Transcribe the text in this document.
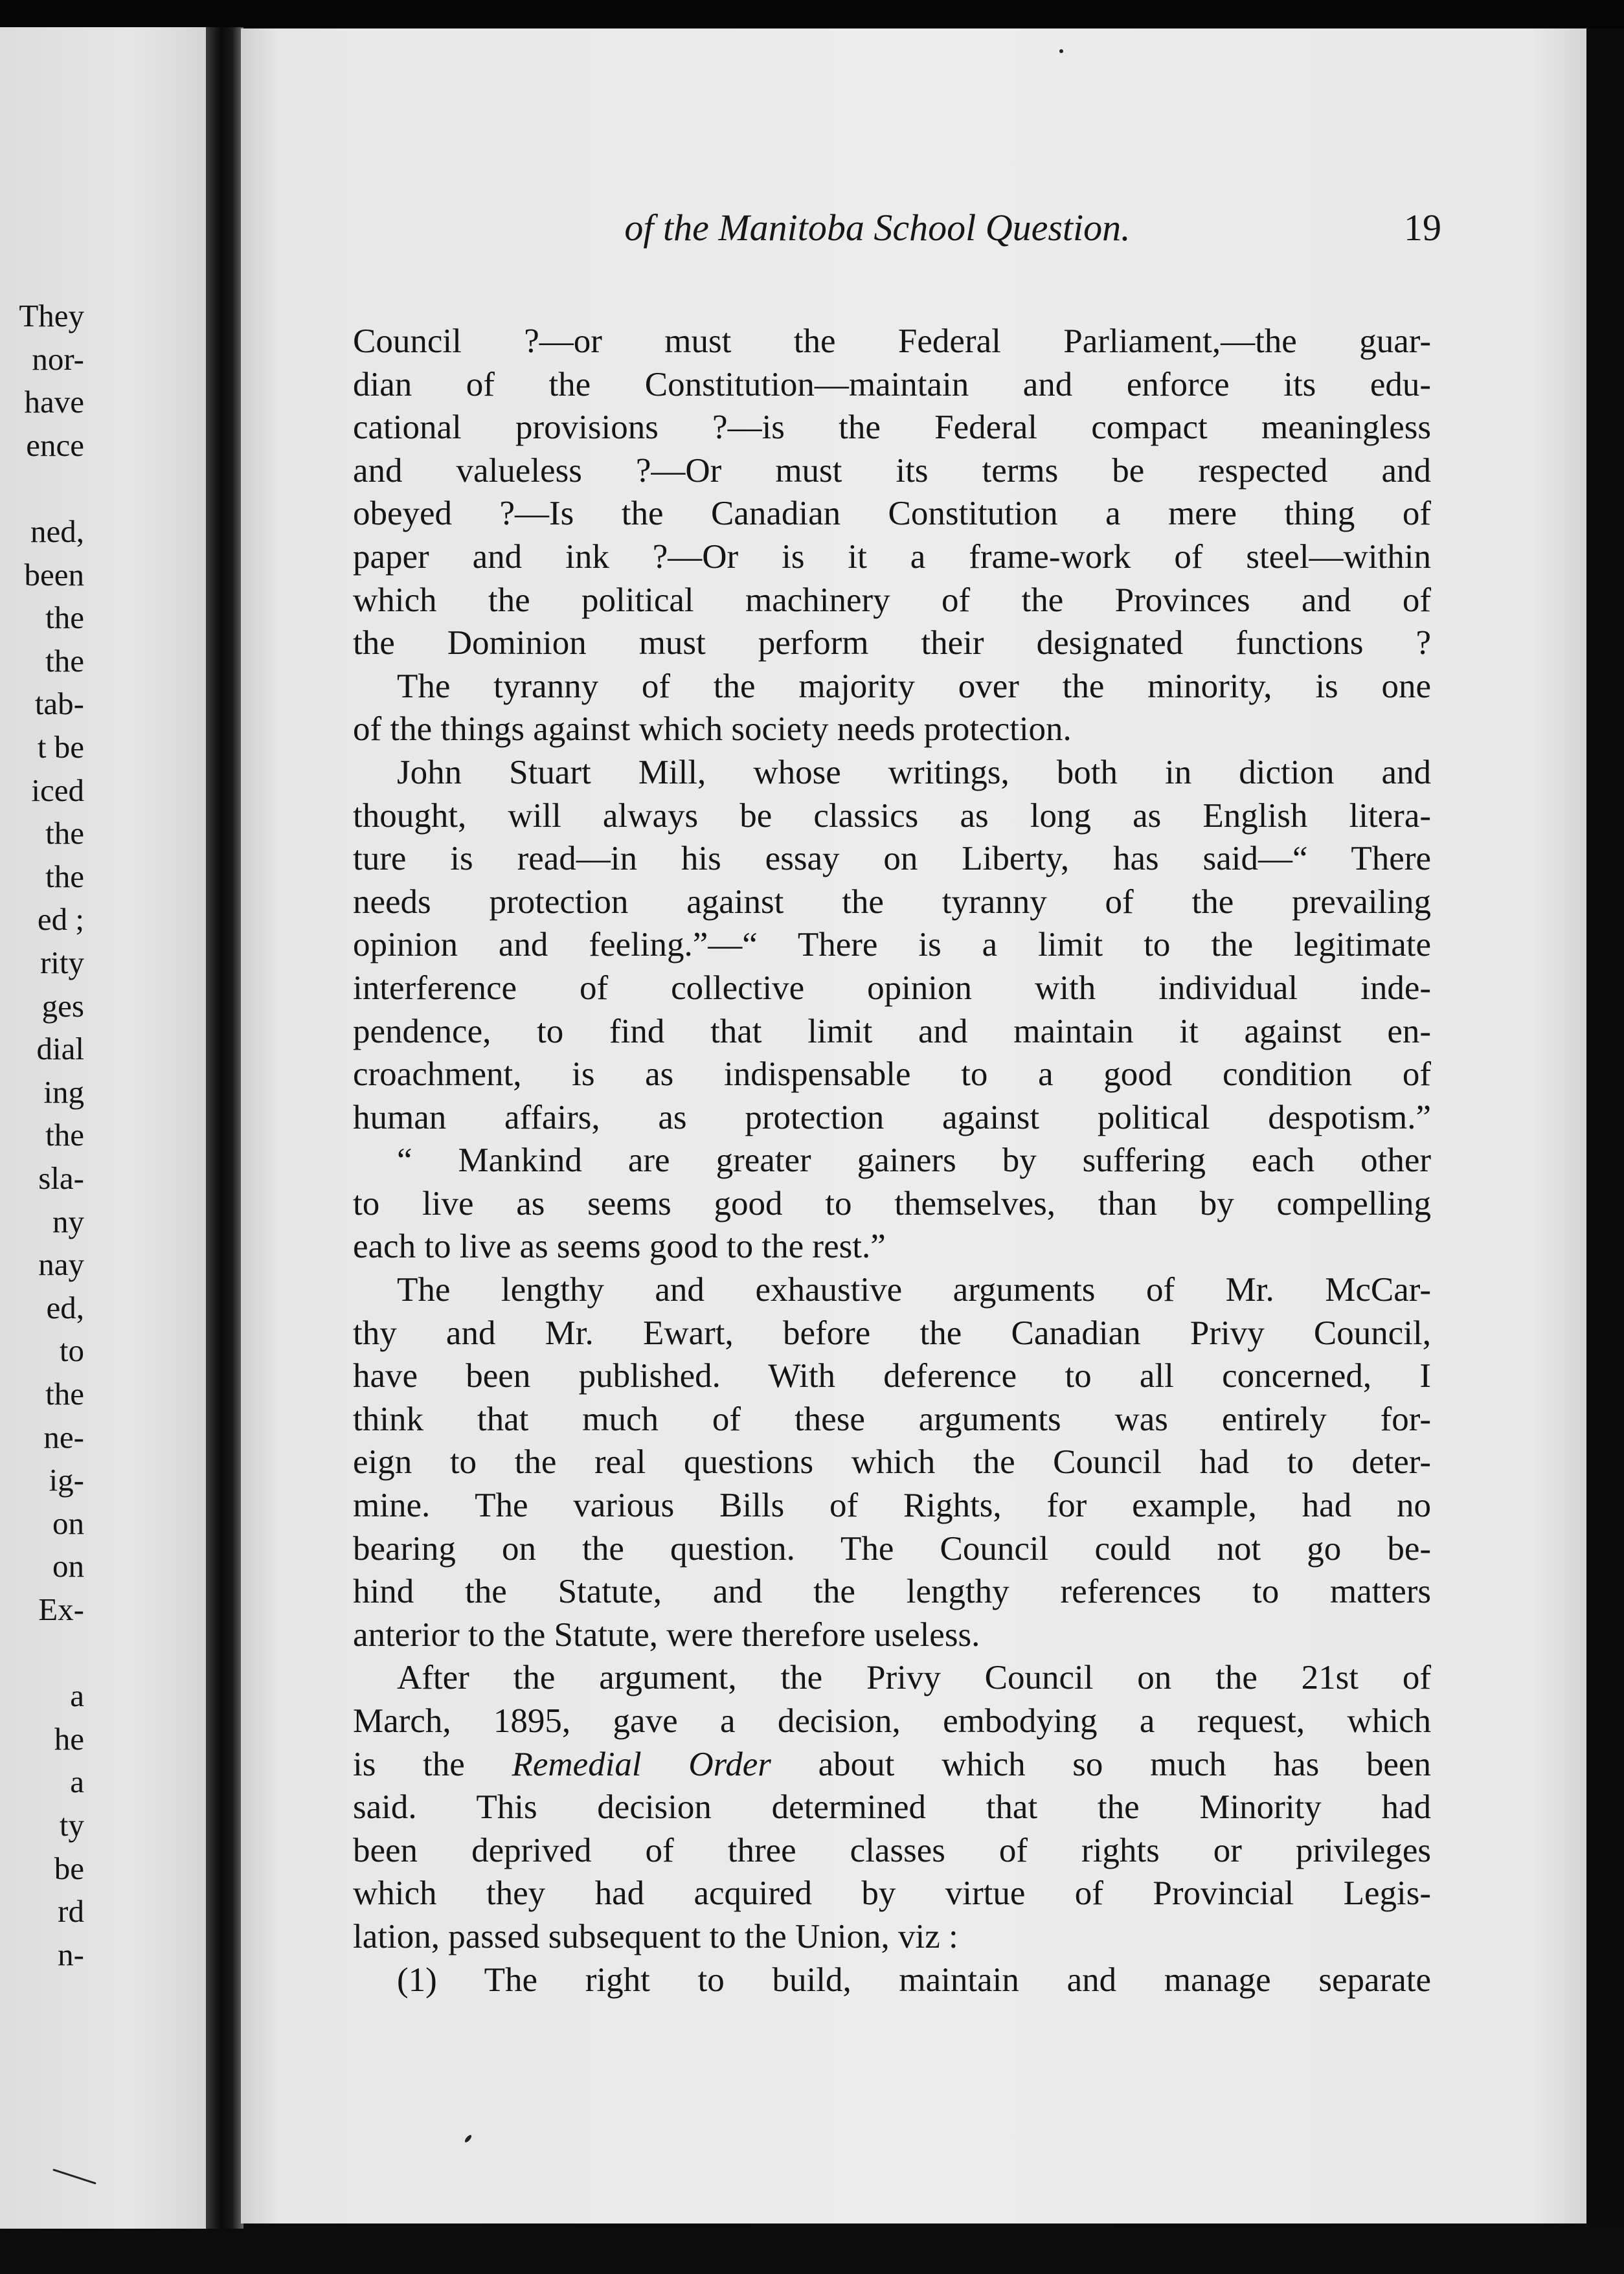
They
nor-
have
ence
ned,
been
the
the
tab-
t be
iced
the
the
ed ;
rity
ges
dial
ing
the
sla-
ny
nay
ed,
to
the
ne-
ig-
on
on
Ex-
a
he
a
ty
be
rd
n-
of the Manitoba School Question.	19
Council ?—or must the Federal Parliament,—the guar-
dian of the Constitution—maintain and enforce its edu-
cational provisions ?—is the Federal compact meaningless
and valueless ?—Or must its terms be respected and
obeyed ?—Is the Canadian Constitution a mere thing of
paper and ink ?—Or is it a frame-work of steel—within
which the political machinery of the Provinces and of
the Dominion must perform their designated functions ?
The tyranny of the majority over the minority, is one
of the things against which society needs protection.
John Stuart Mill, whose writings, both in diction and
thought, will always be classics as long as English litera-
ture is read—in his essay on Liberty, has said—“ There
needs protection against the tyranny of the prevailing
opinion and feeling.”—“ There is a limit to the legitimate
interference of collective opinion with individual inde-
pendence, to find that limit and maintain it against en-
croachment, is as indispensable to a good condition of
human affairs, as protection against political despotism.”
“ Mankind are greater gainers by suffering each other
to live as seems good to themselves, than by compelling
each to live as seems good to the rest.”
The lengthy and exhaustive arguments of Mr. McCar-
thy and Mr. Ewart, before the Canadian Privy Council,
have been published. With deference to all concerned, I
think that much of these arguments was entirely for-
eign to the real questions which the Council had to deter-
mine. The various Bills of Rights, for example, had no
bearing on the question. The Council could not go be-
hind the Statute, and the lengthy references to matters
anterior to the Statute, were therefore useless.
After the argument, the Privy Council on the 21st of
March, 1895, gave a decision, embodying a request, which
is the Remedial Order about which so much has been
said. This decision determined that the Minority had
been deprived of three classes of rights or privileges
which they had acquired by virtue of Provincial Legis-
lation, passed subsequent to the Union, viz :
(1) The right to build, maintain and manage separate
